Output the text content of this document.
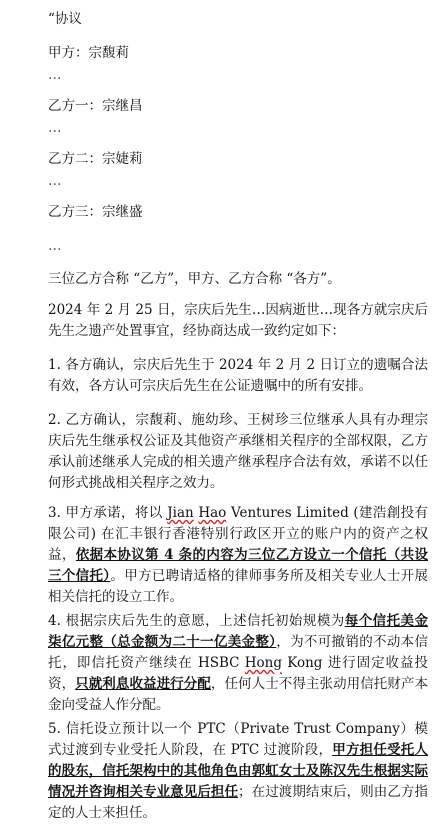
“协议
甲方：宗馥莉
…
乙方一：宗继昌
…
乙方二：宗婕莉
…
乙方三：宗继盛
…
三位乙方合称 “乙方”，甲方、乙方合称 “各方”。
2024 年 2 月 25 日，宗庆后先生…因病逝世…现各方就宗庆后先生之遗产处置事宜，经协商达成一致约定如下：
1. 各方确认，宗庆后先生于 2024 年 2 月 2 日订立的遗嘱合法有效，各方认可宗庆后先生在公证遗嘱中的所有安排。
2. 乙方确认，宗馥莉、施幼珍、王树珍三位继承人具有办理宗庆后先生继承权公证及其他资产承继相关程序的全部权限，乙方承认前述继承人完成的相关遗产继承程序合法有效，承诺不以任何形式挑战相关程序之效力。
3. 甲方承诺，将以 Jian Hao Ventures Limited (建浩創投有限公司) 在汇丰银行香港特别行政区开立的账户内的资产之权益，依据本协议第 4 条的内容为三位乙方设立一个信托（共设三个信托）。甲方已聘请适格的律师事务所及相关专业人士开展相关信托的设立工作。
4. 根据宗庆后先生的意愿，上述信托初始规模为每个信托美金柒亿元整（总金额为二十一亿美金整），为不可撤销的不动本信托，即信托资产继续在 HSBC Hong Kong 进行固定收益投资，只就利息收益进行分配，任何人士不得主张动用信托财产本金向受益人作分配。
5. 信托设立预计以一个 PTC（Private Trust Company）模式过渡到专业受托人阶段，在 PTC 过渡阶段，甲方担任受托人的股东，信托架构中的其他角色由郭虹女士及陈汉先生根据实际情况并咨询相关专业意见后担任；在过渡期结束后，则由乙方指定的人士来担任。
